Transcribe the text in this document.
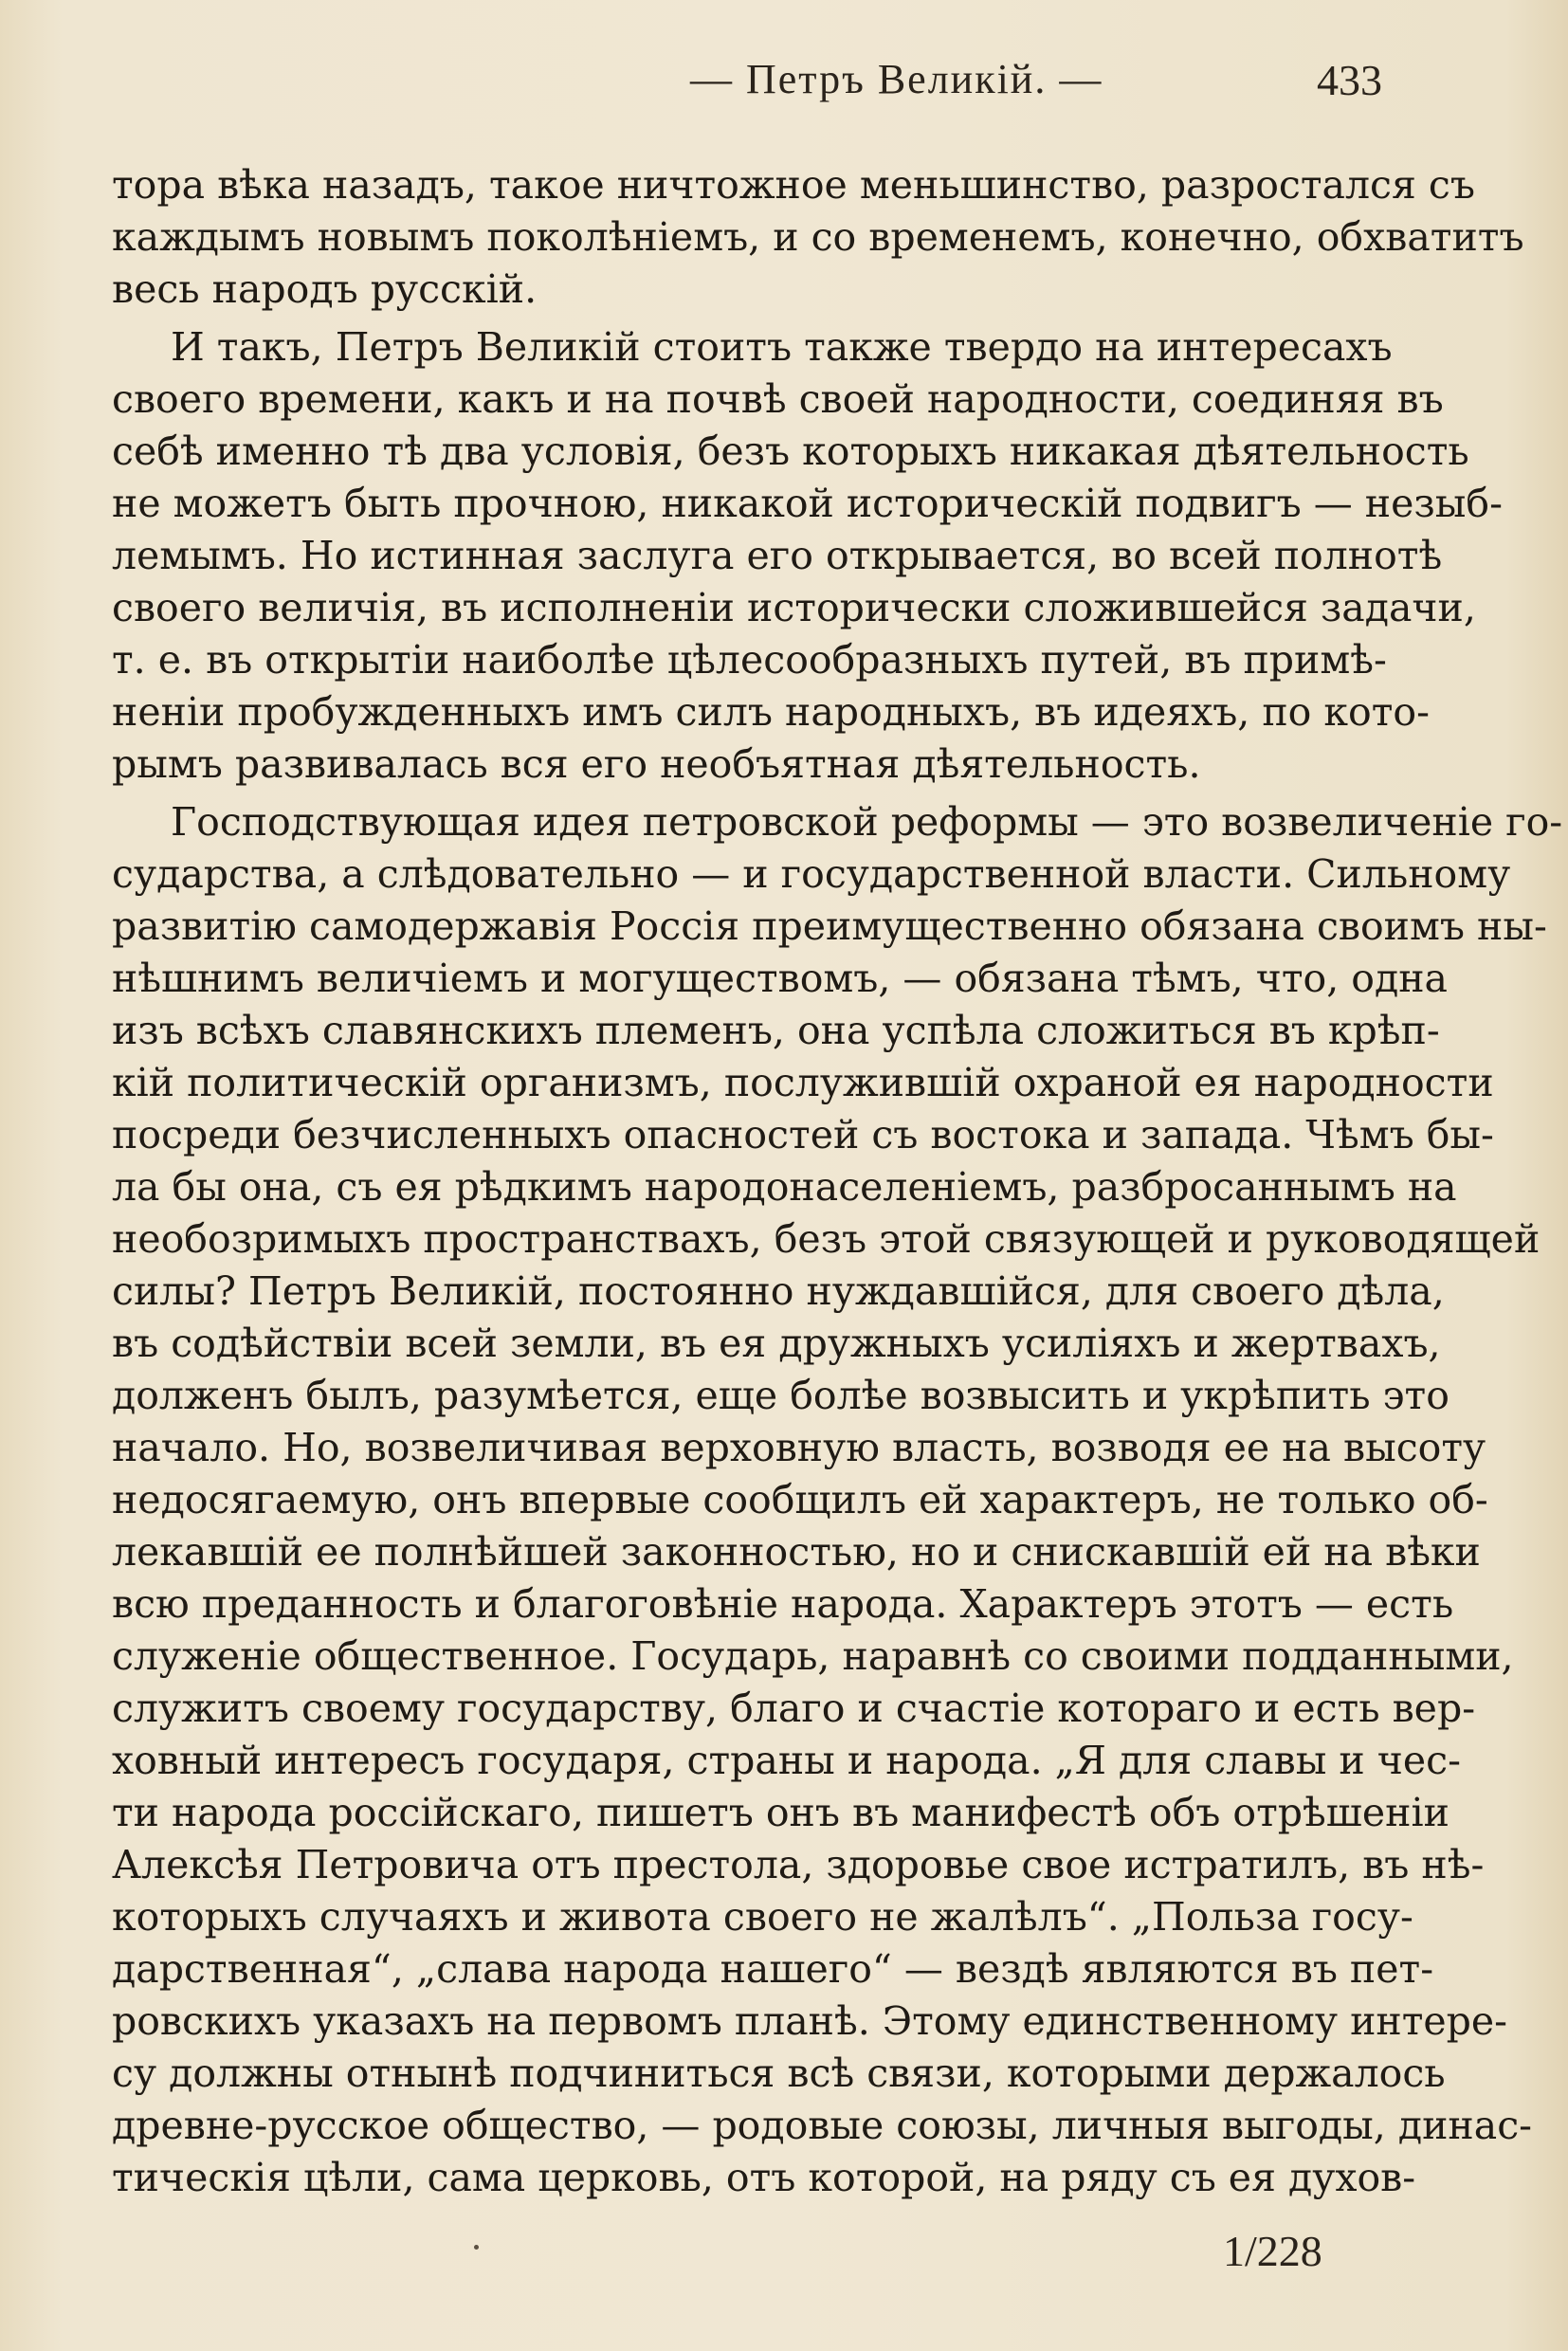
— Петръ Великій. —	433
тора вѣка назадъ, такое ничтожное меньшинство, разростался съ
каждымъ новымъ поколѣніемъ, и со временемъ, конечно, обхватитъ
весь народъ русскій.
И такъ, Петръ Великій стоитъ также твердо на интересахъ
своего времени, какъ и на почвѣ своей народности, соединяя въ
себѣ именно тѣ два условія, безъ которыхъ никакая дѣятельность
не можетъ быть прочною, никакой историческій подвигъ — незыб-
лемымъ. Но истинная заслуга его открывается, во всей полнотѣ
своего величія, въ исполненіи исторически сложившейся задачи,
т. е. въ открытіи наиболѣе цѣлесообразныхъ путей, въ примѣ-
неніи пробужденныхъ имъ силъ народныхъ, въ идеяхъ, по кото-
рымъ развивалась вся его необъятная дѣятельность.
Господствующая идея петровской реформы — это возвеличеніе го-
сударства, а слѣдовательно — и государственной власти. Сильному
развитію самодержавія Россія преимущественно обязана своимъ ны-
нѣшнимъ величіемъ и могуществомъ, — обязана тѣмъ, что, одна
изъ всѣхъ славянскихъ племенъ, она успѣла сложиться въ крѣп-
кій политическій организмъ, послужившій охраной ея народности
посреди безчисленныхъ опасностей съ востока и запада. Чѣмъ бы-
ла бы она, съ ея рѣдкимъ народонаселеніемъ, разбросаннымъ на
необозримыхъ пространствахъ, безъ этой связующей и руководящей
силы? Петръ Великій, постоянно нуждавшійся, для своего дѣла,
въ содѣйствіи всей земли, въ ея дружныхъ усиліяхъ и жертвахъ,
долженъ былъ, разумѣется, еще болѣе возвысить и укрѣпить это
начало. Но, возвеличивая верховную власть, возводя ее на высоту
недосягаемую, онъ впервые сообщилъ ей характеръ, не только об-
лекавшій ее полнѣйшей законностью, но и снискавшій ей на вѣки
всю преданность и благоговѣніе народа. Характеръ этотъ — есть
служеніе общественное. Государь, наравнѣ со своими подданными,
служитъ своему государству, благо и счастіе котораго и есть вер-
ховный интересъ государя, страны и народа. „Я для славы и чес-
ти народа россійскаго, пишетъ онъ въ манифестѣ объ отрѣшеніи
Алексѣя Петровича отъ престола, здоровье свое истратилъ, въ нѣ-
которыхъ случаяхъ и живота своего не жалѣлъ“. „Польза госу-
дарственная“, „слава народа нашего“ — вездѣ являются въ пет-
ровскихъ указахъ на первомъ планѣ. Этому единственному интере-
су должны отнынѣ подчиниться всѣ связи, которыми держалось
древне-русское общество, — родовые союзы, личныя выгоды, динас-
тическія цѣли, сама церковь, отъ которой, на ряду съ ея духов-
1/228
